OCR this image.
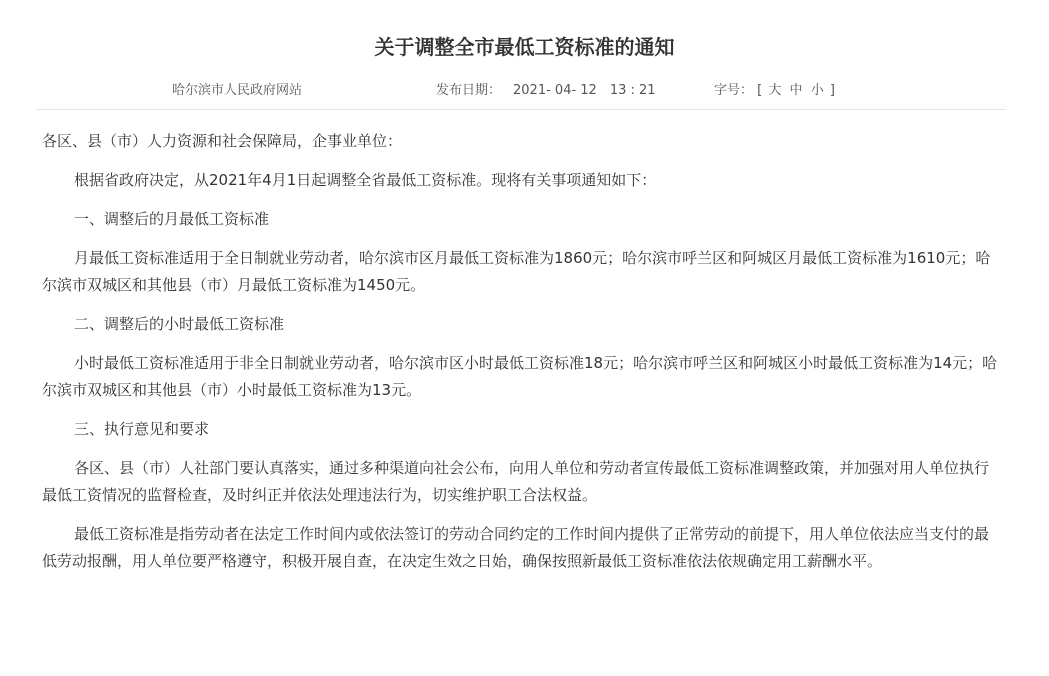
关于调整全市最低工资标准的通知
哈尔滨市人民政府网站	发布日期： 2021- 04- 12　13 : 21	字号： [ 大 中 小 ]

各区、县（市）人力资源和社会保障局，企事业单位：

根据省政府决定，从2021年4月1日起调整全省最低工资标准。现将有关事项通知如下：

一、调整后的月最低工资标准

月最低工资标准适用于全日制就业劳动者，哈尔滨市区月最低工资标准为1860元；哈尔滨市呼兰区和阿城区月最低工资标准为1610元；哈尔滨市双城区和其他县（市）月最低工资标准为1450元。

二、调整后的小时最低工资标准

小时最低工资标准适用于非全日制就业劳动者，哈尔滨市区小时最低工资标准18元；哈尔滨市呼兰区和阿城区小时最低工资标准为14元；哈尔滨市双城区和其他县（市）小时最低工资标准为13元。

三、执行意见和要求

各区、县（市）人社部门要认真落实，通过多种渠道向社会公布，向用人单位和劳动者宣传最低工资标准调整政策，并加强对用人单位执行最低工资情况的监督检查，及时纠正并依法处理违法行为，切实维护职工合法权益。

最低工资标准是指劳动者在法定工作时间内或依法签订的劳动合同约定的工作时间内提供了正常劳动的前提下，用人单位依法应当支付的最低劳动报酬，用人单位要严格遵守，积极开展自查，在决定生效之日始，确保按照新最低工资标准依法依规确定用工薪酬水平。
